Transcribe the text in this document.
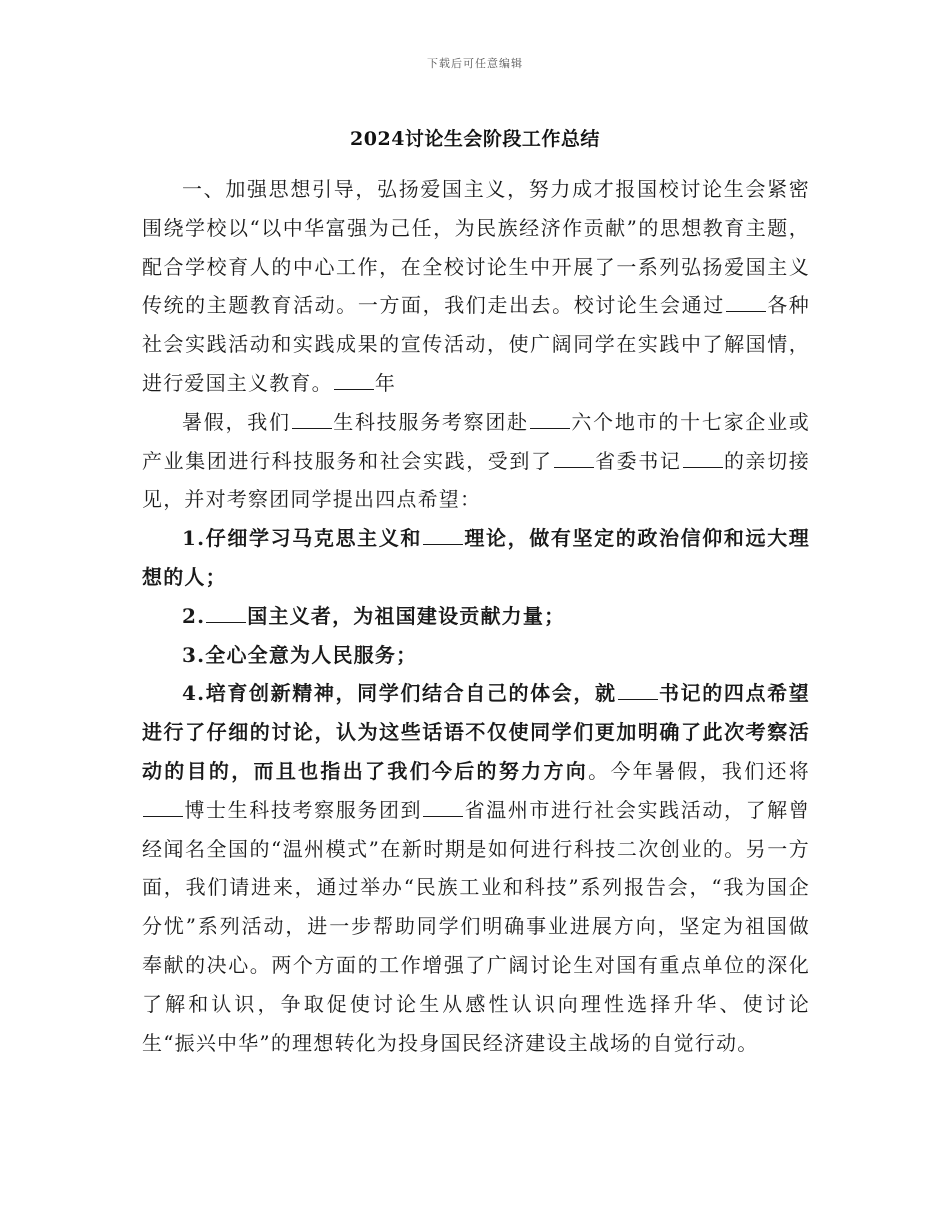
下载后可任意编辑
2024讨论生会阶段工作总结

一、加强思想引导，弘扬爱国主义，努力成才报国校讨论生会紧密围绕学校以“以中华富强为己任，为民族经济作贡献”的思想教育主题，配合学校育人的中心工作，在全校讨论生中开展了一系列弘扬爱国主义传统的主题教育活动。一方面，我们走出去。校讨论生会通过 各种社会实践活动和实践成果的宣传活动，使广阔同学在实践中了解国情，进行爱国主义教育。 年

暑假，我们 生科技服务考察团赴 六个地市的十七家企业或产业集团进行科技服务和社会实践，受到了 省委书记 的亲切接见，并对考察团同学提出四点希望：

1.仔细学习马克思主义和 理论，做有坚定的政治信仰和远大理想的人；

2. 国主义者，为祖国建设贡献力量；

3.全心全意为人民服务；

4.培育创新精神，同学们结合自己的体会，就 书记的四点希望进行了仔细的讨论，认为这些话语不仅使同学们更加明确了此次考察活动的目的，而且也指出了我们今后的努力方向。今年暑假，我们还将博士生科技考察服务团到 省温州市进行社会实践活动，了解曾经闻名全国的“温州模式”在新时期是如何进行科技二次创业的。另一方面，我们请进来，通过举办“民族工业和科技”系列报告会，“我为国企分忧”系列活动，进一步帮助同学们明确事业进展方向，坚定为祖国做奉献的决心。两个方面的工作增强了广阔讨论生对国有重点单位的深化了解和认识，争取促使讨论生从感性认识向理性选择升华、使讨论生“振兴中华”的理想转化为投身国民经济建设主战场的自觉行动。
